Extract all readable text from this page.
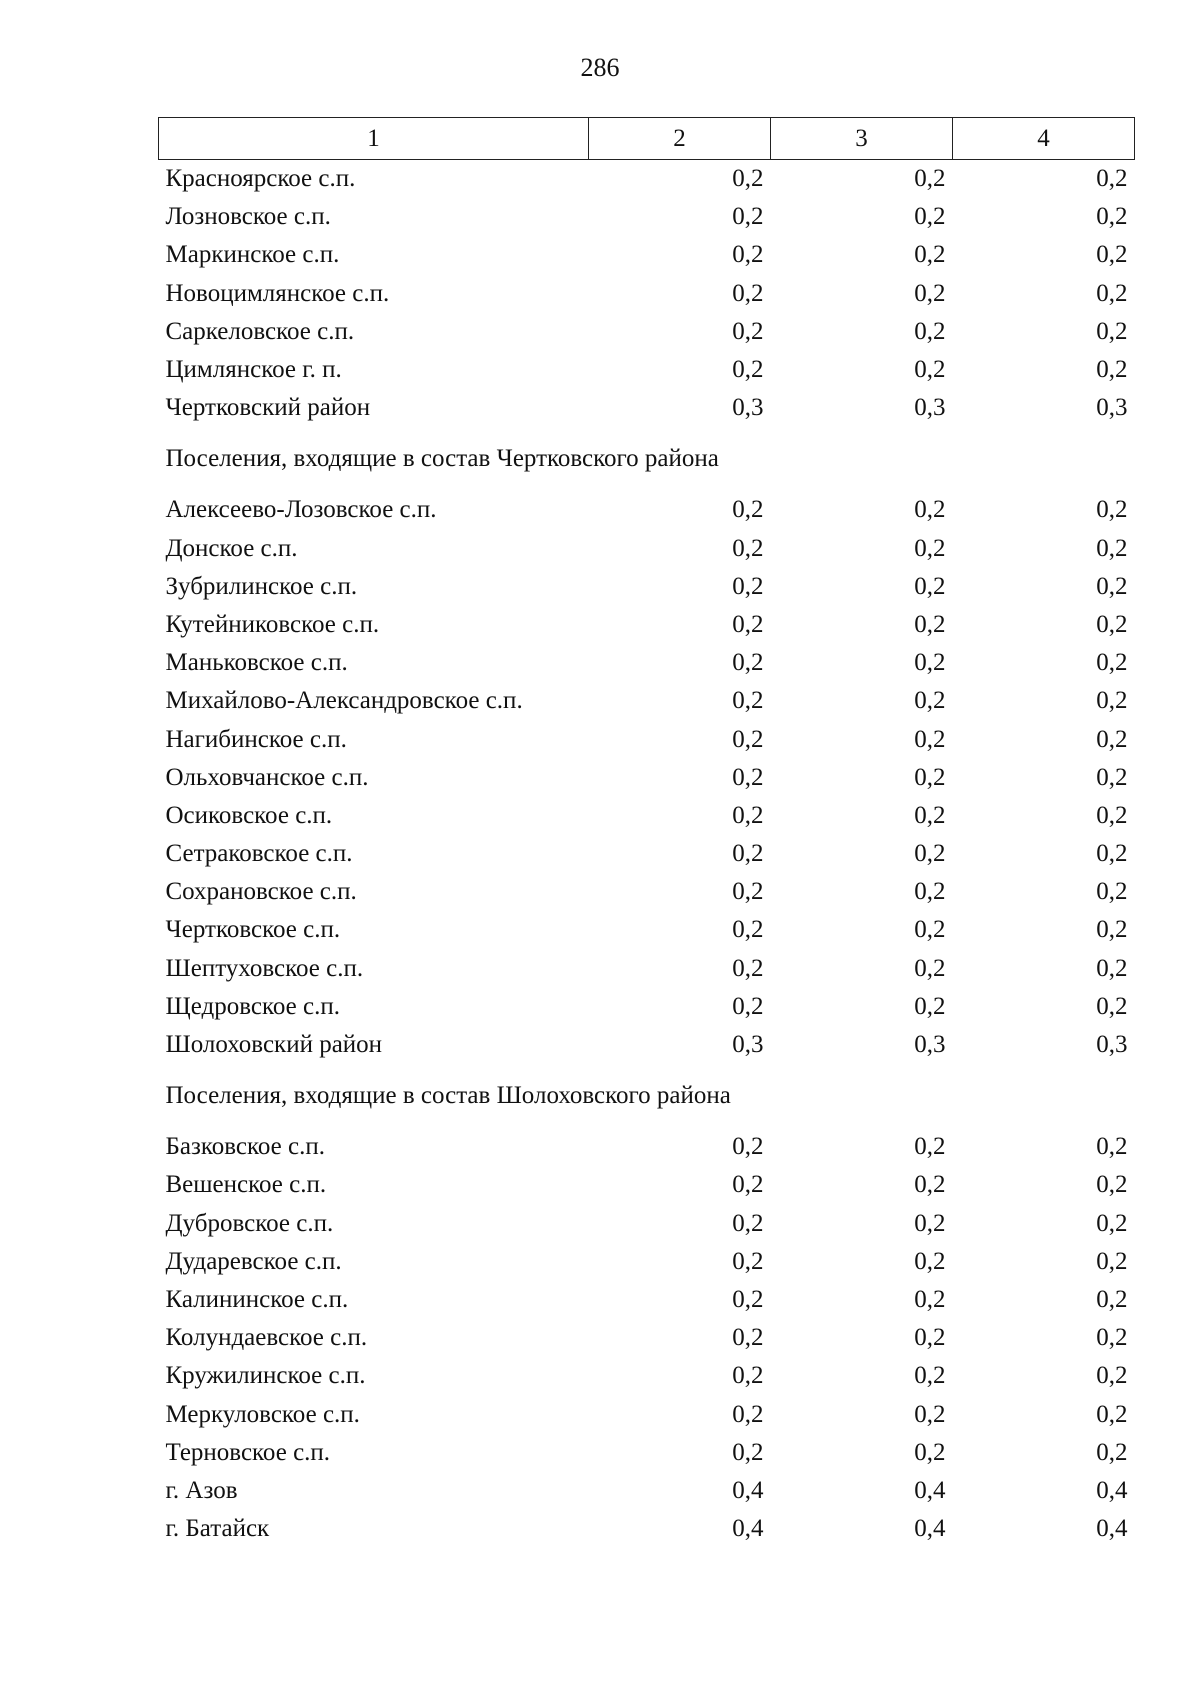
286
1	2	3	4
Красноярское с.п.	0,2	0,2	0,2
Лозновское с.п.	0,2	0,2	0,2
Маркинское с.п.	0,2	0,2	0,2
Новоцимлянское с.п.	0,2	0,2	0,2
Саркеловское с.п.	0,2	0,2	0,2
Цимлянское г. п.	0,2	0,2	0,2
Чертковский район	0,3	0,3	0,3
Поселения, входящие в состав Чертковского района			
Алексеево-Лозовское с.п.	0,2	0,2	0,2
Донское с.п.	0,2	0,2	0,2
Зубрилинское с.п.	0,2	0,2	0,2
Кутейниковское с.п.	0,2	0,2	0,2
Маньковское с.п.	0,2	0,2	0,2
Михайлово-Александровское с.п.	0,2	0,2	0,2
Нагибинское с.п.	0,2	0,2	0,2
Ольховчанское с.п.	0,2	0,2	0,2
Осиковское с.п.	0,2	0,2	0,2
Сетраковское с.п.	0,2	0,2	0,2
Сохрановское с.п.	0,2	0,2	0,2
Чертковское с.п.	0,2	0,2	0,2
Шептуховское с.п.	0,2	0,2	0,2
Щедровское с.п.	0,2	0,2	0,2
Шолоховский район	0,3	0,3	0,3
Поселения, входящие в состав Шолоховского района			
Базковское с.п.	0,2	0,2	0,2
Вешенское с.п.	0,2	0,2	0,2
Дубровское с.п.	0,2	0,2	0,2
Дударевское с.п.	0,2	0,2	0,2
Калининское с.п.	0,2	0,2	0,2
Колундаевское с.п.	0,2	0,2	0,2
Кружилинское с.п.	0,2	0,2	0,2
Меркуловское с.п.	0,2	0,2	0,2
Терновское с.п.	0,2	0,2	0,2
г. Азов	0,4	0,4	0,4
г. Батайск	0,4	0,4	0,4
